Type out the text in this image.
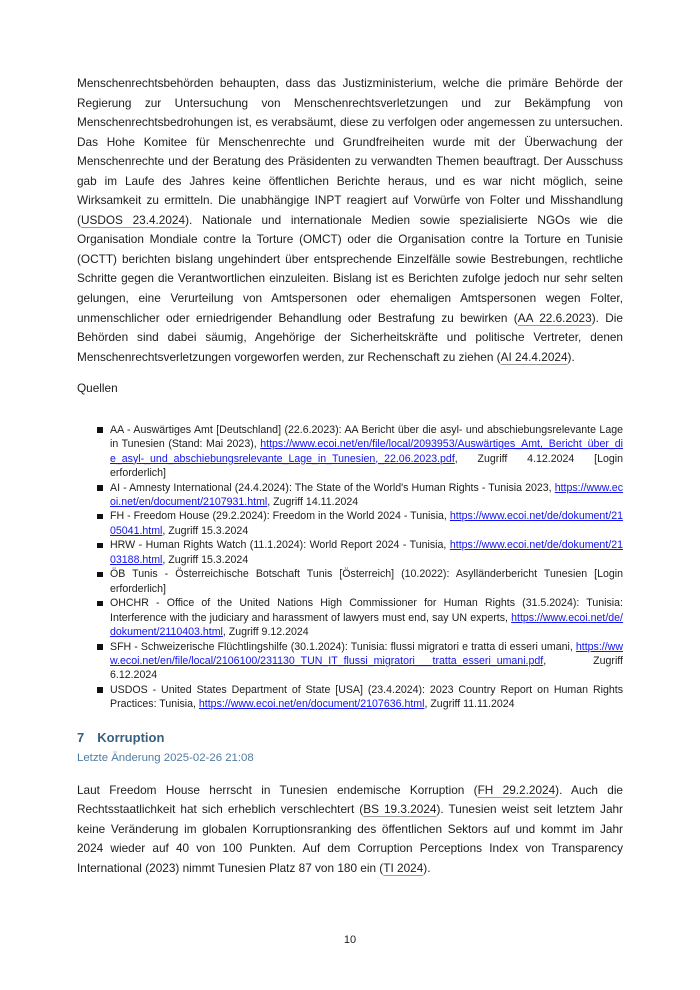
Menschenrechtsbehörden behaupten, dass das Justizministerium, welche die primäre Behörde der Regierung zur Untersuchung von Menschenrechtsverletzungen und zur Bekämpfung von Menschenrechtsbedrohungen ist, es verabsäumt, diese zu verfolgen oder angemessen zu untersuchen. Das Hohe Komitee für Menschenrechte und Grundfreiheiten wurde mit der Überwachung der Menschenrechte und der Beratung des Präsidenten zu verwandten Themen beauftragt. Der Ausschuss gab im Laufe des Jahres keine öffentlichen Berichte heraus, und es war nicht möglich, seine Wirksamkeit zu ermitteln. Die unabhängige INPT reagiert auf Vorwürfe von Folter und Misshandlung (USDOS 23.4.2024). Nationale und internationale Medien sowie spezialisierte NGOs wie die Organisation Mondiale contre la Torture (OMCT) oder die Organisation contre la Torture en Tunisie (OCTT) berichten bislang ungehindert über entsprechende Einzelfälle sowie Bestrebungen, rechtliche Schritte gegen die Verantwortlichen einzuleiten. Bislang ist es Berichten zufolge jedoch nur sehr selten gelungen, eine Verurteilung von Amtspersonen oder ehemaligen Amtspersonen wegen Folter, unmenschlicher oder erniedrigender Behandlung oder Bestrafung zu bewirken (AA 22.6.2023). Die Behörden sind dabei säumig, Angehörige der Sicherheitskräfte und politische Vertreter, denen Menschenrechtsverletzungen vorgeworfen werden, zur Rechenschaft zu ziehen (AI 24.4.2024).

Quellen

AA - Auswärtiges Amt [Deutschland] (22.6.2023): AA Bericht über die asyl- und abschiebungsrelevante Lage in Tunesien (Stand: Mai 2023), https://www.ecoi.net/en/file/local/2093953/Auswärtiges_Amt,_Bericht_über_die_asyl-_und_abschiebungsrelevante_Lage_in_Tunesien,_22.06.2023.pdf, Zugriff 4.12.2024 [Login erforderlich]
AI - Amnesty International (24.4.2024): The State of the World's Human Rights - Tunisia 2023, https://www.ecoi.net/en/document/2107931.html, Zugriff 14.11.2024
FH - Freedom House (29.2.2024): Freedom in the World 2024 - Tunisia, https://www.ecoi.net/de/dokument/2105041.html, Zugriff 15.3.2024
HRW - Human Rights Watch (11.1.2024): World Report 2024 - Tunisia, https://www.ecoi.net/de/dokument/2103188.html, Zugriff 15.3.2024
ÖB Tunis - Österreichische Botschaft Tunis [Österreich] (10.2022): Asylländerbericht Tunesien [Login erforderlich]
OHCHR - Office of the United Nations High Commissioner for Human Rights (31.5.2024): Tunisia: Interference with the judiciary and harassment of lawyers must end, say UN experts, https://www.ecoi.net/de/dokument/2110403.html, Zugriff 9.12.2024
SFH - Schweizerische Flüchtlingshilfe (30.1.2024): Tunisia: flussi migratori e tratta di esseri umani, https://www.ecoi.net/en/file/local/2106100/231130_TUN_IT_flussi_migratori___tratta_esseri_umani.pdf, Zugriff 6.12.2024
USDOS - United States Department of State [USA] (23.4.2024): 2023 Country Report on Human Rights Practices: Tunisia, https://www.ecoi.net/en/document/2107636.html, Zugriff 11.11.2024
7 Korruption

Letzte Änderung 2025-02-26 21:08

Laut Freedom House herrscht in Tunesien endemische Korruption (FH 29.2.2024). Auch die Rechtsstaatlichkeit hat sich erheblich verschlechtert (BS 19.3.2024). Tunesien weist seit letztem Jahr keine Veränderung im globalen Korruptionsranking des öffentlichen Sektors auf und kommt im Jahr 2024 wieder auf 40 von 100 Punkten. Auf dem Corruption Perceptions Index von Transparency International (2023) nimmt Tunesien Platz 87 von 180 ein (TI 2024).

10
